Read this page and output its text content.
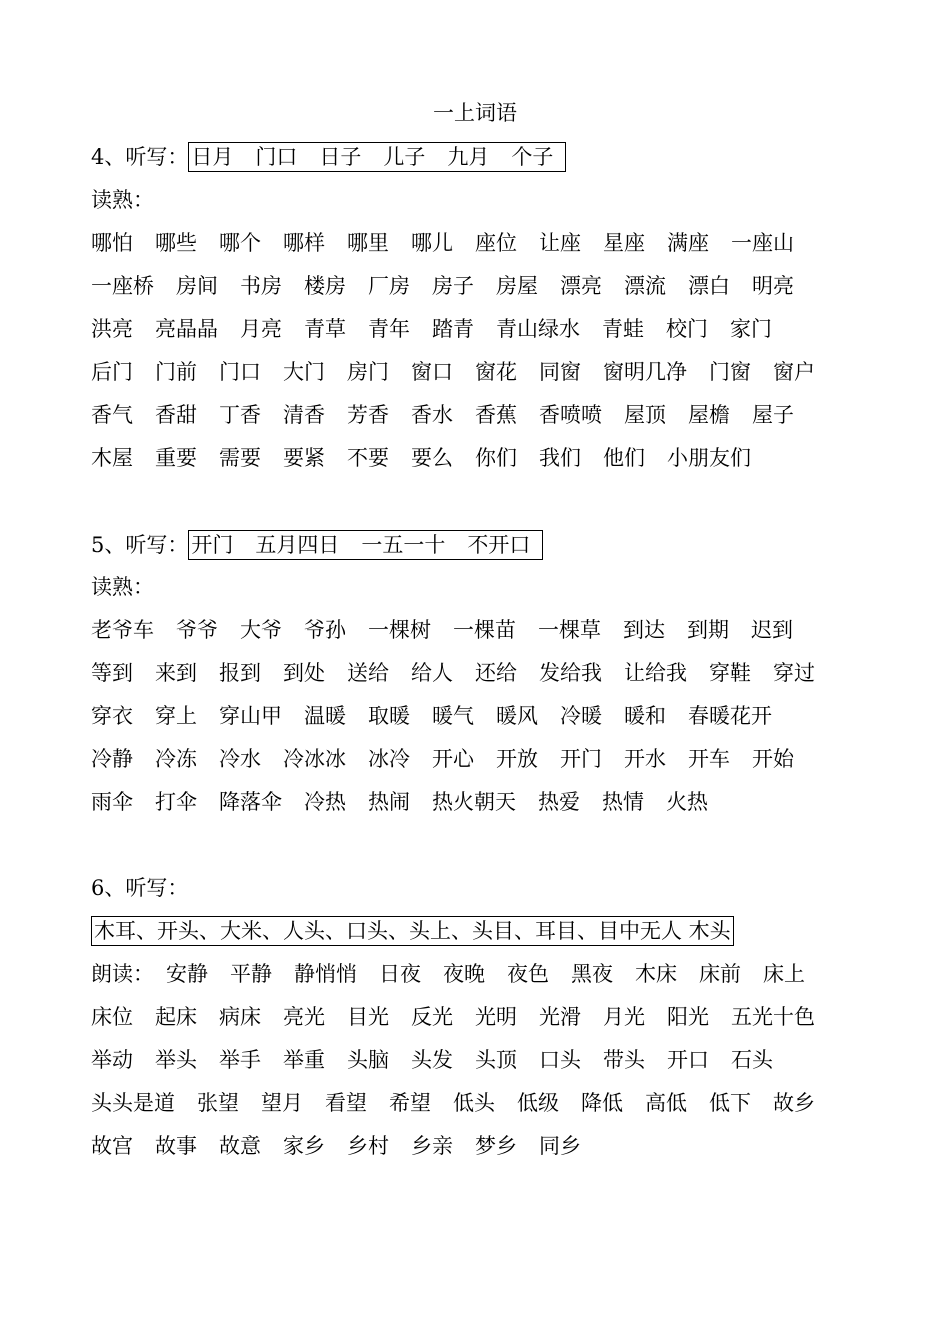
一上词语
4、听写： 日月 门口 日子 儿子 九月 个子
读熟：
哪怕 哪些 哪个 哪样 哪里 哪儿 座位 让座 星座 满座 一座山
一座桥 房间 书房 楼房 厂房 房子 房屋 漂亮 漂流 漂白 明亮
洪亮 亮晶晶 月亮 青草 青年 踏青 青山绿水 青蛙 校门 家门
后门 门前 门口 大门 房门 窗口 窗花 同窗 窗明几净 门窗 窗户
香气 香甜 丁香 清香 芳香 香水 香蕉 香喷喷 屋顶 屋檐 屋子
木屋 重要 需要 要紧 不要 要么 你们 我们 他们 小朋友们
5、听写： 开门 五月四日 一五一十 不开口
读熟：
老爷车 爷爷 大爷 爷孙 一棵树 一棵苗 一棵草 到达 到期 迟到
等到 来到 报到 到处 送给 给人 还给 发给我 让给我 穿鞋 穿过
穿衣 穿上 穿山甲 温暖 取暖 暖气 暖风 冷暖 暖和 春暖花开
冷静 冷冻 冷水 冷冰冰 冰冷 开心 开放 开门 开水 开车 开始
雨伞 打伞 降落伞 冷热 热闹 热火朝天 热爱 热情 火热
6、听写：
木耳、开头、大米、人头、口头、头上、头目、耳目、目中无人 木头
朗读： 安静 平静 静悄悄 日夜 夜晚 夜色 黑夜 木床 床前 床上
床位 起床 病床 亮光 目光 反光 光明 光滑 月光 阳光 五光十色
举动 举头 举手 举重 头脑 头发 头顶 口头 带头 开口 石头
头头是道 张望 望月 看望 希望 低头 低级 降低 高低 低下 故乡
故宫 故事 故意 家乡 乡村 乡亲 梦乡 同乡
